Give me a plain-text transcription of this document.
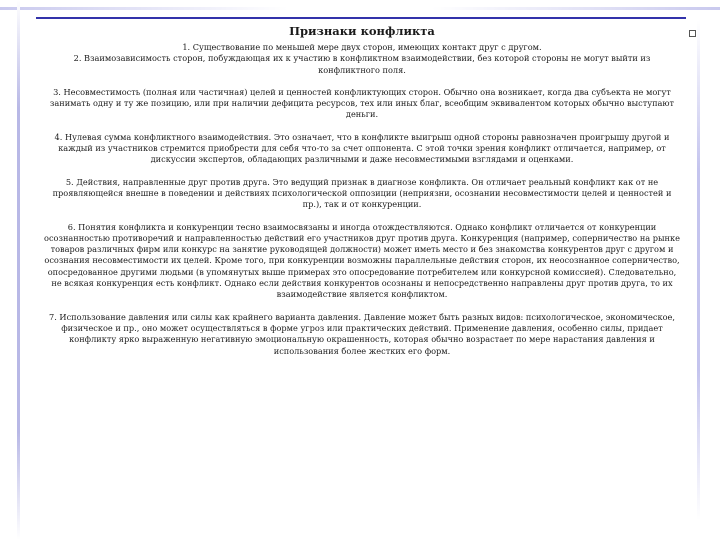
Признаки конфликта

1. Существование по меньшей мере двух сторон, имеющих контакт друг с другом.

2. Взаимозависимость сторон, побуждающая их к участию в конфликтном взаимодействии, без которой стороны не могут выйти из конфликтного поля.

3. Несовместимость (полная или частичная) целей и ценностей конфликтующих сторон. Обычно она возникает, когда два субъекта не могут занимать одну и ту же позицию, или при наличии дефицита ресурсов, тех или иных благ, всеобщим эквивалентом которых обычно выступают деньги.

4. Нулевая сумма конфликтного взаимодействия. Это означает, что в конфликте выигрыш одной стороны равнозначен проигрышу другой и каждый из участников стремится приобрести для себя что-то за счет оппонента. С этой точки зрения конфликт отличается, например, от дискуссии экспертов, обладающих различными и даже несовместимыми взглядами и оценками.

5. Действия, направленные друг против друга. Это ведущий признак в диагнозе конфликта. Он отличает реальный конфликт как от не проявляющейся внешне в поведении и действиях психологической оппозиции (неприязни, осознании несовместимости целей и ценностей и пр.), так и от конкуренции.

6. Понятия конфликта и конкуренции тесно взаимосвязаны и иногда отождествляются. Однако конфликт отличается от конкуренции осознанностью противоречий и направленностью действий его участников друг против друга. Конкуренция (например, соперничество на рынке товаров различных фирм или конкурс на занятие руководящей должности) может иметь место и без знакомства конкурентов друг с другом и осознания несовместимости их целей. Кроме того, при конкуренции возможны параллельные действия сторон, их неосознанное соперничество, опосредованное другими людьми (в упомянутых выше примерах это опосредование потребителем или конкурсной комиссией). Следовательно, не всякая конкуренция есть конфликт. Однако если действия конкурентов осознаны и непосредственно направлены друг против друга, то их взаимодействие является конфликтом.

7. Использование давления или силы как крайнего варианта давления. Давление может быть разных видов: психологическое, экономическое, физическое и пр., оно может осуществляться в форме угроз или практических действий. Применение давления, особенно силы, придает конфликту ярко выраженную негативную эмоциональную окрашенность, которая обычно возрастает по мере нарастания давления и использования более жестких его форм.
